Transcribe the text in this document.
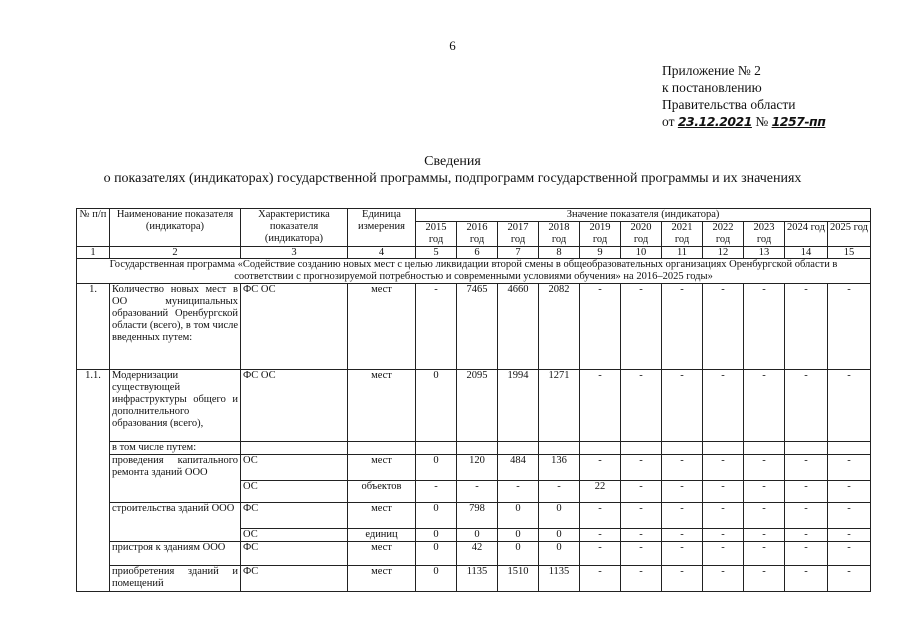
6
Приложение № 2
к постановлению
Правительства области
от 23.12.2021 № 1257-пп
Сведения
о показателях (индикаторах) государственной программы, подпрограмм государственной программы и их значениях
№ п/п	Наименование показателя (индикатора)	Характеристика показателя (индикатора)	Единица измерения	Значение показателя (индикатора)										
				2015 год	2016 год	2017 год	2018 год	2019 год	2020 год	2021 год	2022 год	2023 год	2024 год	2025 год
1	2	3	4	5	6	7	8	9	10	11	12	13	14	15
Государственная программа «Содействие созданию новых мест с целью ликвидации второй смены в общеобразовательных организациях Оренбургской области в соответствии с прогнозируемой потребностью и современными условиями обучения» на 2016–2025 годы»														
1.	Количество новых мест в ОО муниципальных образований Оренбургской области (всего), в том числе введенных путем:	ФС ОС	мест	-	7465	4660	2082	-	-	-	-	-	-	-
1.1.	Модернизации существующей инфраструктуры общего и дополнительного образования (всего),	ФС ОС	мест	0	2095	1994	1271	-	-	-	-	-	-	-
	в том числе путем:													
	проведения капитального ремонта зданий ООО	ОС	мест	0	120	484	136	-	-	-	-	-	-	-
		ОС	объектов	-	-	-	-	22	-	-	-	-	-	-
	строительства зданий ООО	ФС	мест	0	798	0	0	-	-	-	-	-	-	-
		ОС	единиц	0	0	0	0	-	-	-	-	-	-	-
	пристроя к зданиям ООО	ФС	мест	0	42	0	0	-	-	-	-	-	-	-
	приобретения зданий и помещений	ФС	мест	0	1135	1510	1135	-	-	-	-	-	-	-
